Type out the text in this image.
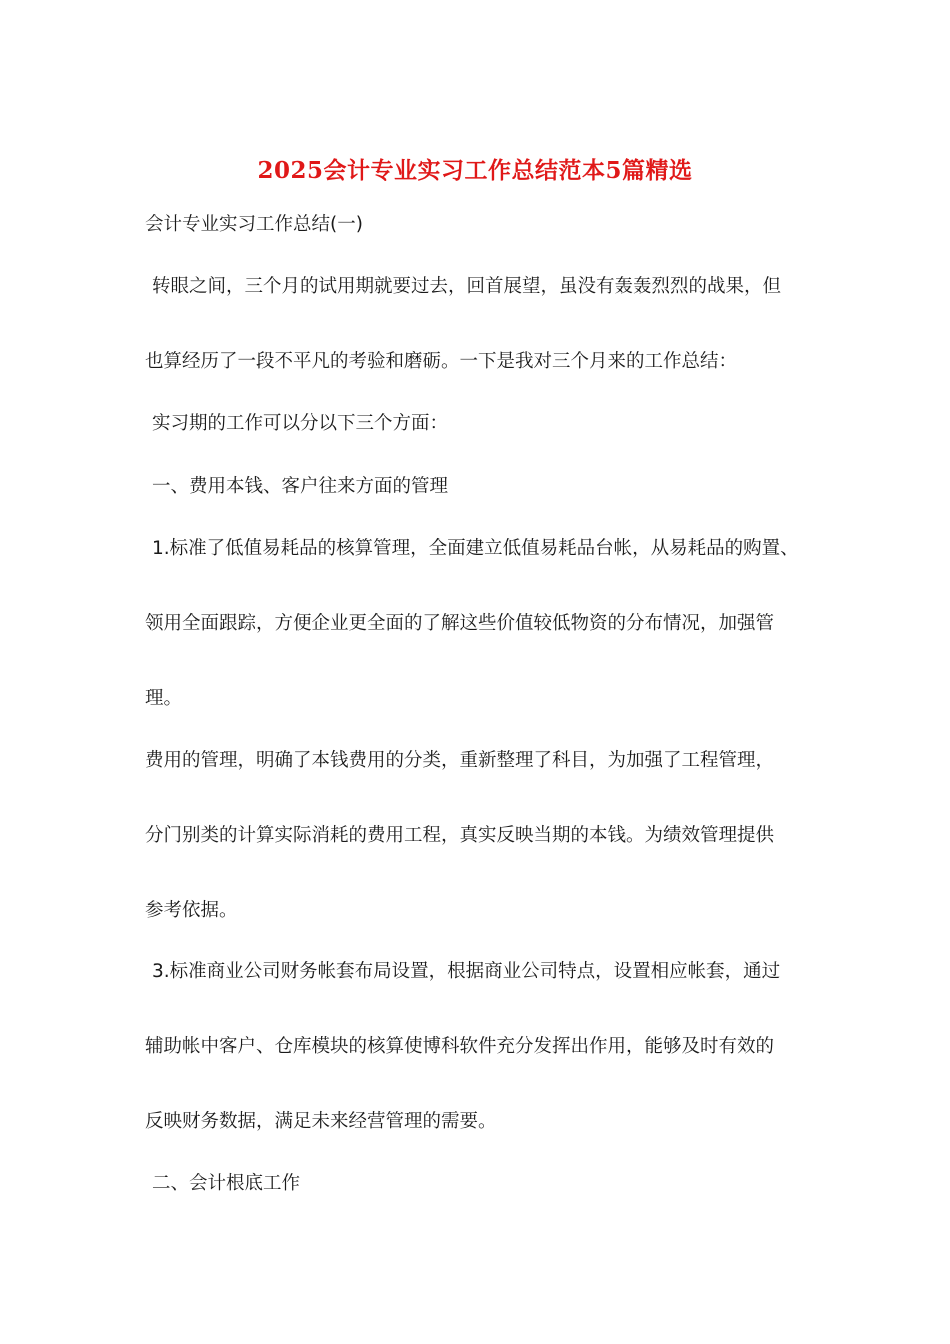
2025会计专业实习工作总结范本5篇精选
会计专业实习工作总结(一)
转眼之间，三个月的试用期就要过去，回首展望，虽没有轰轰烈烈的战果，但
也算经历了一段不平凡的考验和磨砺。一下是我对三个月来的工作总结：
实习期的工作可以分以下三个方面：
一、费用本钱、客户往来方面的管理
1.标准了低值易耗品的核算管理，全面建立低值易耗品台帐，从易耗品的购置、
领用全面跟踪，方便企业更全面的了解这些价值较低物资的分布情况，加强管
理。
费用的管理，明确了本钱费用的分类，重新整理了科目，为加强了工程管理，
分门别类的计算实际消耗的费用工程，真实反映当期的本钱。为绩效管理提供
参考依据。
3.标准商业公司财务帐套布局设置，根据商业公司特点，设置相应帐套，通过
辅助帐中客户、仓库模块的核算使博科软件充分发挥出作用，能够及时有效的
反映财务数据，满足未来经营管理的需要。
二、会计根底工作
